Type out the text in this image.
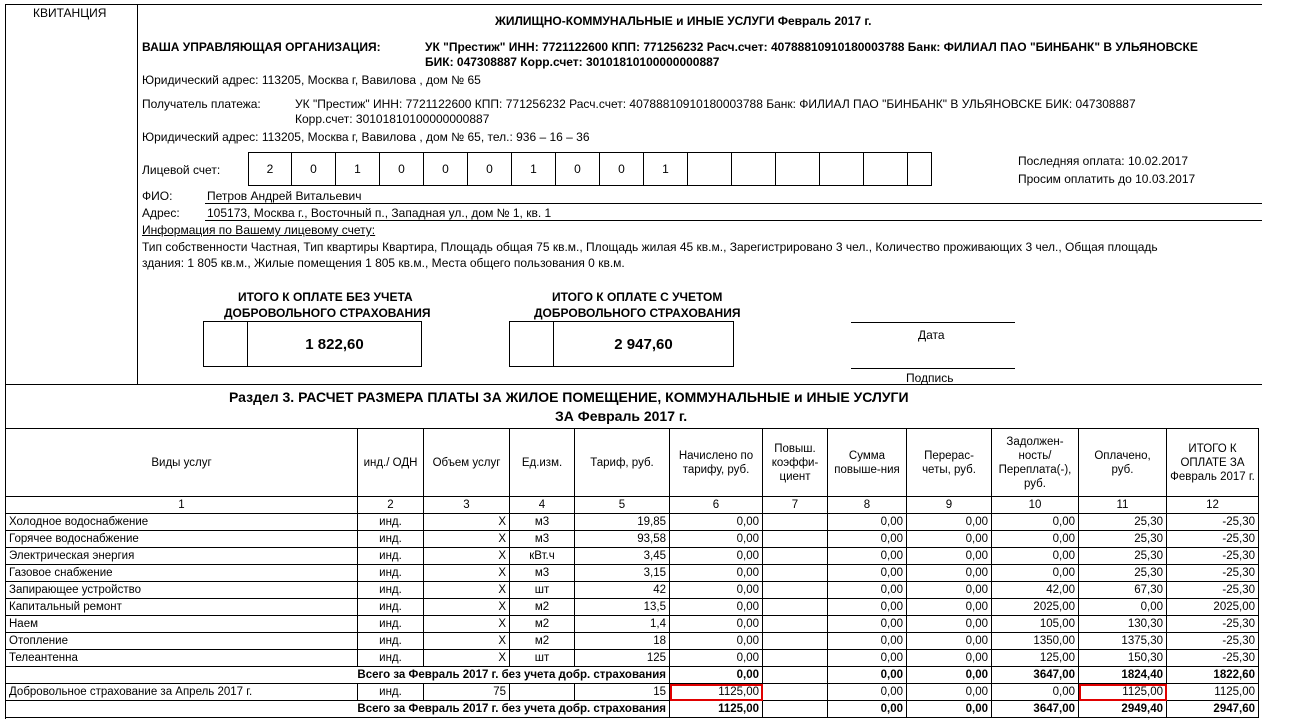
КВИТАНЦИЯ
ЖИЛИЩНО-КОММУНАЛЬНЫЕ и ИНЫЕ УСЛУГИ Февраль 2017 г.
ВАША УПРАВЛЯЮЩАЯ ОРГАНИЗАЦИЯ:	УК "Престиж" ИНН: 7721122600 КПП: 771256232 Расч.счет: 40788810910180003788 Банк: ФИЛИАЛ ПАО "БИНБАНК" В УЛЬЯНОВСКЕ
БИК: 047308887 Корр.счет: 30101810100000000887
Юридический адрес: 113205, Москва г, Вавилова , дом № 65
Получатель платежа:	УК "Престиж" ИНН: 7721122600 КПП: 771256232 Расч.счет: 40788810910180003788 Банк: ФИЛИАЛ ПАО "БИНБАНК" В УЛЬЯНОВСКЕ БИК: 047308887
Корр.счет: 30101810100000000887
Юридический адрес: 113205, Москва г, Вавилова , дом № 65, тел.: 936 – 16 – 36
Лицевой счет:	2	0	1	0	0	0	1	0	0	1
Последняя оплата: 10.02.2017
Просим оплатить до 10.03.2017
ФИО:	Петров Андрей Витальевич
Адрес: 105173, Москва г., Восточный п., Западная ул., дом № 1, кв. 1
Информация по Вашему лицевому счету:
Тип собственности Частная, Тип квартиры Квартира, Площадь общая 75 кв.м., Площадь жилая 45 кв.м., Зарегистрировано 3 чел., Количество проживающих 3 чел., Общая площадь
здания: 1 805 кв.м., Жилые помещения 1 805 кв.м., Места общего пользования 0 кв.м.
ИТОГО К ОПЛАТЕ БЕЗ УЧЕТА
ДОБРОВОЛЬНОГО СТРАХОВАНИЯ
1 822,60
ИТОГО К ОПЛАТЕ С УЧЕТОМ
ДОБРОВОЛЬНОГО СТРАХОВАНИЯ
2 947,60
Дата
Подпись
Раздел 3. РАСЧЕТ РАЗМЕРА ПЛАТЫ ЗА ЖИЛОЕ ПОМЕЩЕНИЕ, КОММУНАЛЬНЫЕ и ИНЫЕ УСЛУГИ
ЗА Февраль 2017 г.
Виды услуг	инд./ ОДН	Объем услуг	Ед.изм.	Тариф, руб.	Начислено по тарифу, руб.	Повыш. коэффи-циент	Сумма повыше-ния	Перерас-четы, руб.	Задолжен-ность/ Переплата(-), руб.	Оплачено, руб.	ИТОГО К ОПЛАТЕ ЗА Февраль 2017 г.
1	2	3	4	5	6	7	8	9	10	11	12
Холодное водоснабжение	инд.	X	м3	19,85	0,00		0,00	0,00	0,00	25,30	-25,30
Горячее водоснабжение	инд.	X	м3	93,58	0,00		0,00	0,00	0,00	25,30	-25,30
Электрическая энергия	инд.	X	кВт.ч	3,45	0,00		0,00	0,00	0,00	25,30	-25,30
Газовое снабжение	инд.	X	м3	3,15	0,00		0,00	0,00	0,00	25,30	-25,30
Запирающее устройство	инд.	X	шт	42	0,00		0,00	0,00	42,00	67,30	-25,30
Капитальный ремонт	инд.	X	м2	13,5	0,00		0,00	0,00	2025,00	0,00	2025,00
Наем	инд.	X	м2	1,4	0,00		0,00	0,00	105,00	130,30	-25,30
Отопление	инд.	X	м2	18	0,00		0,00	0,00	1350,00	1375,30	-25,30
Телеантенна	инд.	X	шт	125	0,00		0,00	0,00	125,00	150,30	-25,30
Всего за Февраль 2017 г. без учета добр. страхования					0,00		0,00	0,00	3647,00	1824,40	1822,60
Добровольное страхование за Апрель 2017 г.	инд.	75		15	1125,00		0,00	0,00	0,00	1125,00	1125,00
Всего за Февраль 2017 г. без учета добр. страхования					1125,00		0,00	0,00	3647,00	2949,40	2947,60
